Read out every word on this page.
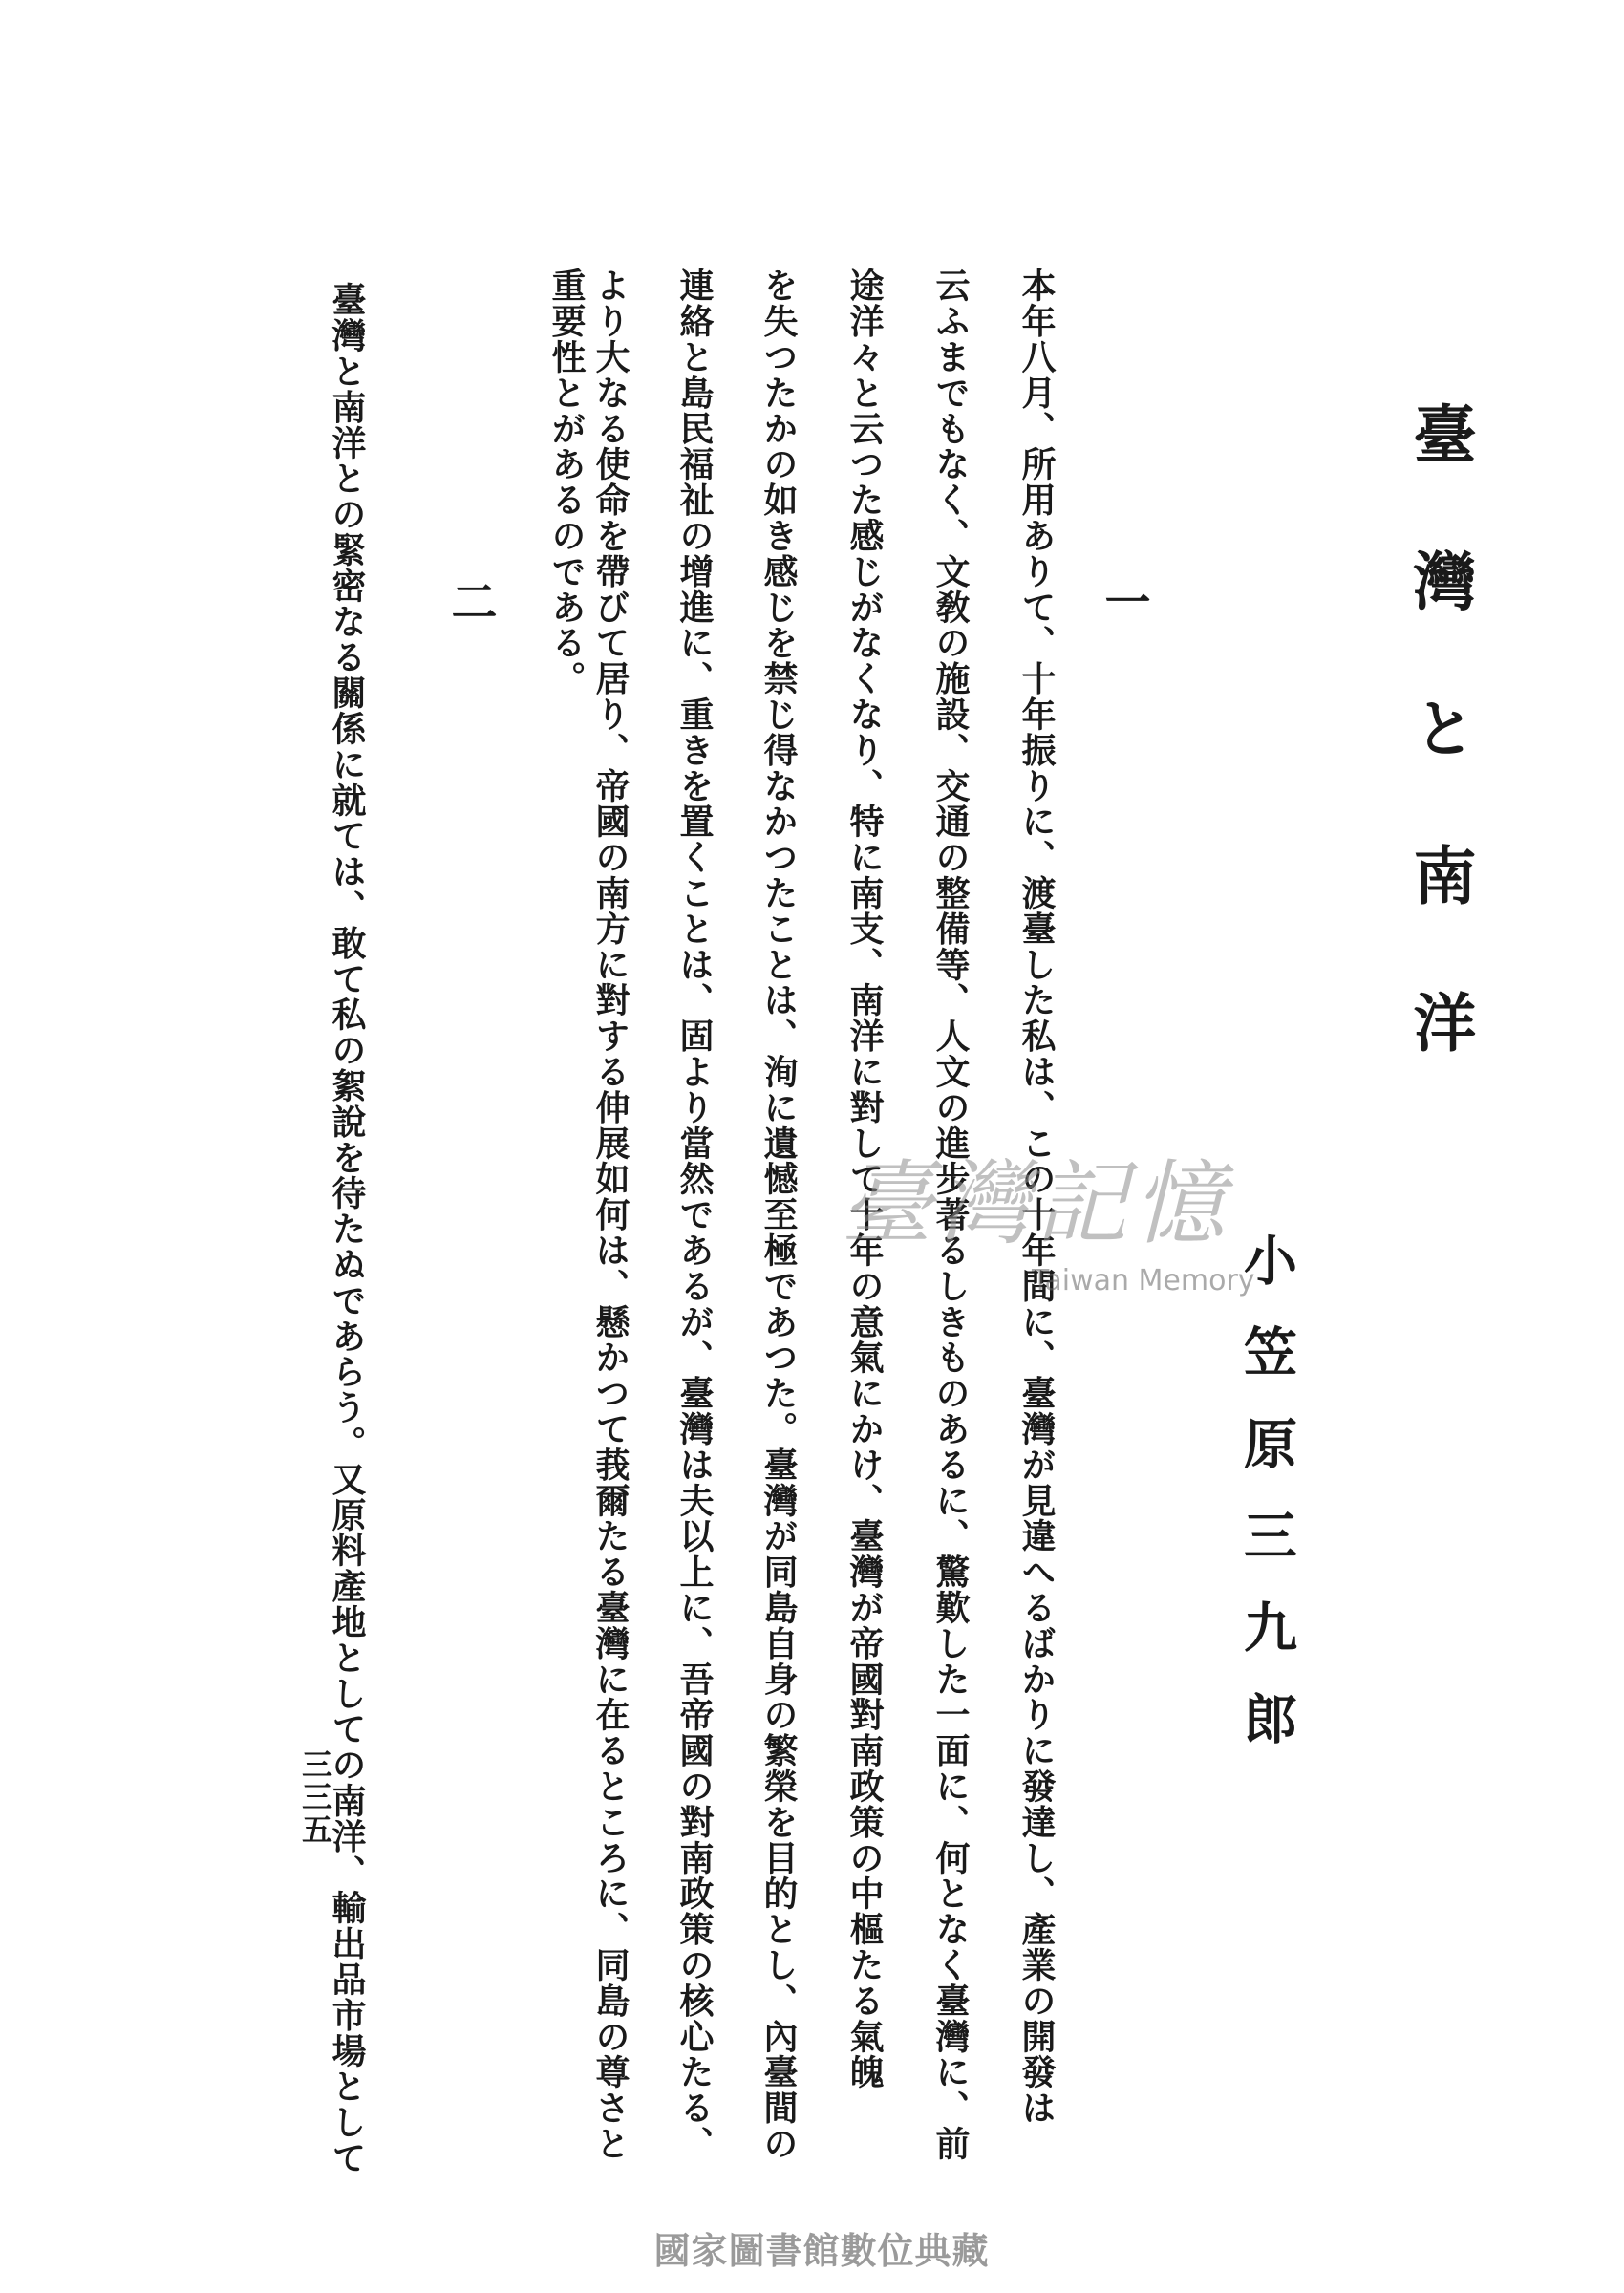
臺灣と南洋
小笠原三九郎
一
本年八月、所用ありて、十年振りに、渡臺した私は、この十年間に、臺灣が見違へるばかりに發達し、產業の開發は
云ふまでもなく、文敎の施設、交通の整備等、人文の進步著るしきものあるに、驚歎した一面に、何となく臺灣に、前
途洋々と云つた感じがなくなり、特に南支、南洋に對して十年の意氣にかけ、臺灣が帝國對南政策の中樞たる氣魄
を失つたかの如き感じを禁じ得なかつたことは、洵に遺憾至極であつた。臺灣が同島自身の繁榮を目的とし、內臺間の
連絡と島民福祉の增進に、重きを置くことは、固より當然であるが、臺灣は夫以上に、吾帝國の對南政策の核心たる、
より大なる使命を帶びて居り、帝國の南方に對する伸展如何は、懸かつて莪爾たる臺灣に在るところに、同島の尊さと
重要性とがあるのである。
二
臺灣と南洋との緊密なる關係に就ては、敢て私の絮說を待たぬであらう。又原料產地としての南洋、輸出品市場として
三三五
臺灣記憶
Taiwan Memory
國家圖書館數位典藏
